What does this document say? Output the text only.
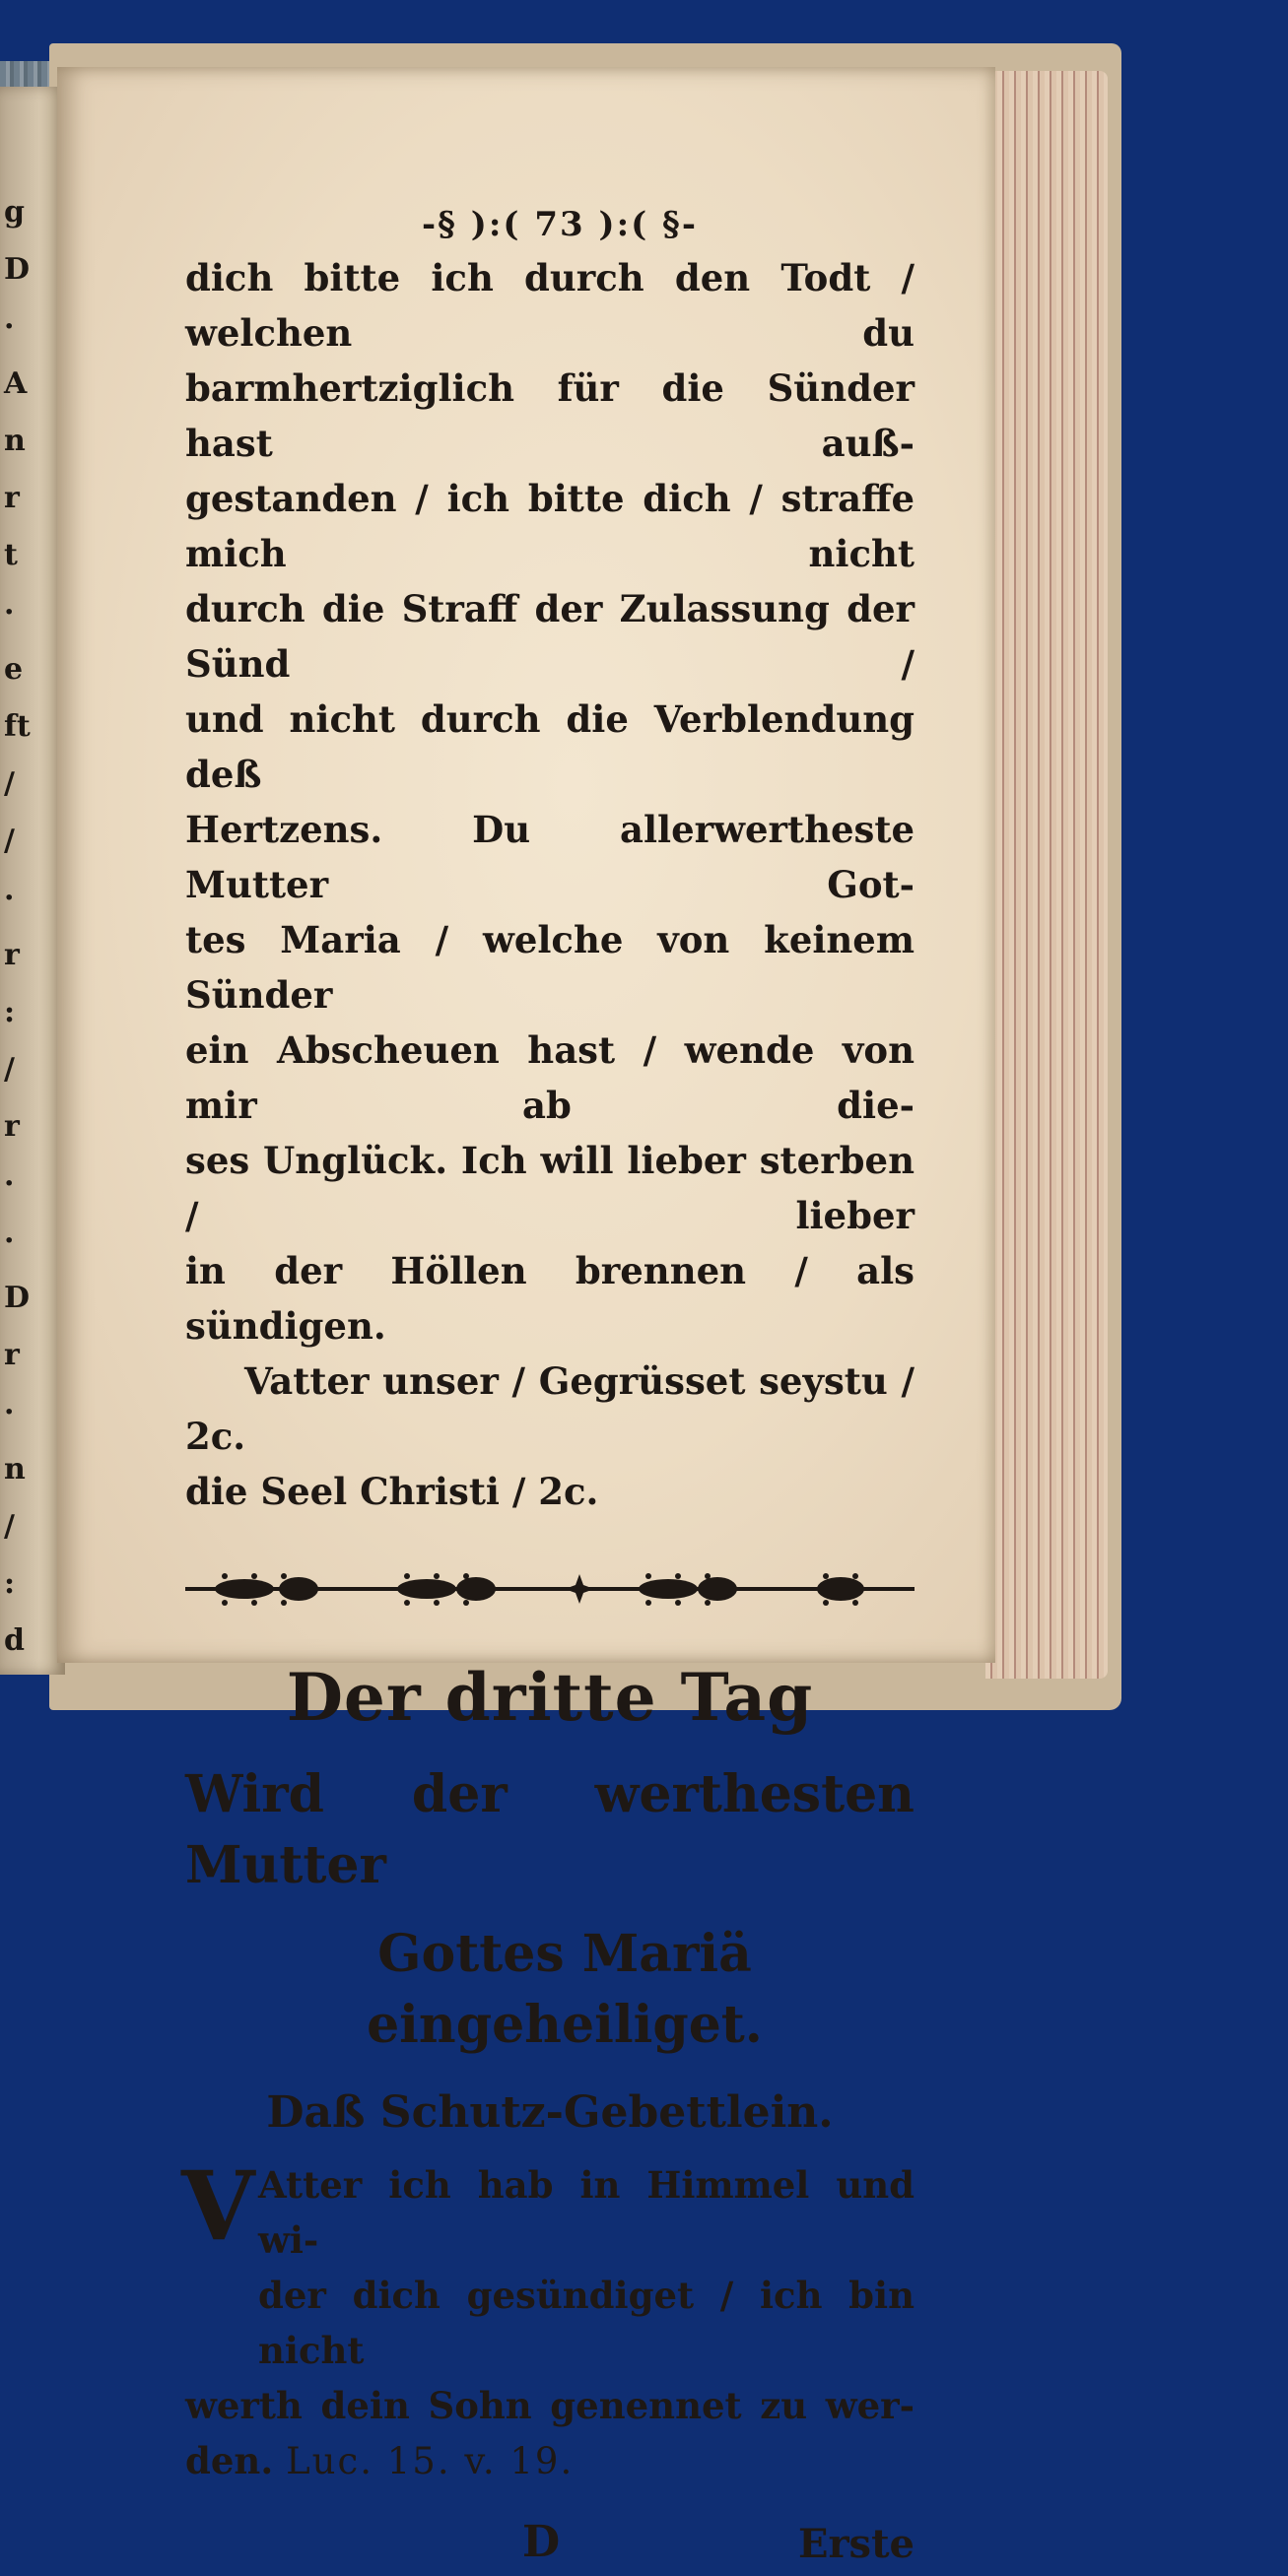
g
D
·
A
n
r
t
·
e
ft
/
/
·
r
:
/
r
·
·
D
r
·
n
/
:
d
-§ ):( 73 ):( §-

dich bitte ich durch den Todt / welchen du

barmhertziglich für die Sünder hast auß-

gestanden / ich bitte dich / straffe mich nicht

durch die Straff der Zulassung der Sünd /

und nicht durch die Verblendung deß

Hertzens. Du allerwertheste Mutter Got-

tes Maria / welche von keinem Sünder

ein Abscheuen hast / wende von mir ab die-

ses Unglück. Ich will lieber sterben / lieber

in der Höllen brennen / als sündigen.

Vatter unser / Gegrüsset seystu / 2c.

die Seel Christi / 2c.

Der dritte Tag
Wird der werthesten Mutter
Gottes Mariä eingeheiliget.
Daß Schutz-Gebettlein.
V Atter ich hab in Himmel und wi-

der dich gesündiget / ich bin nicht

werth dein Sohn genennet zu wer-

den. Luc. 15. v. 19.

D	Erste
